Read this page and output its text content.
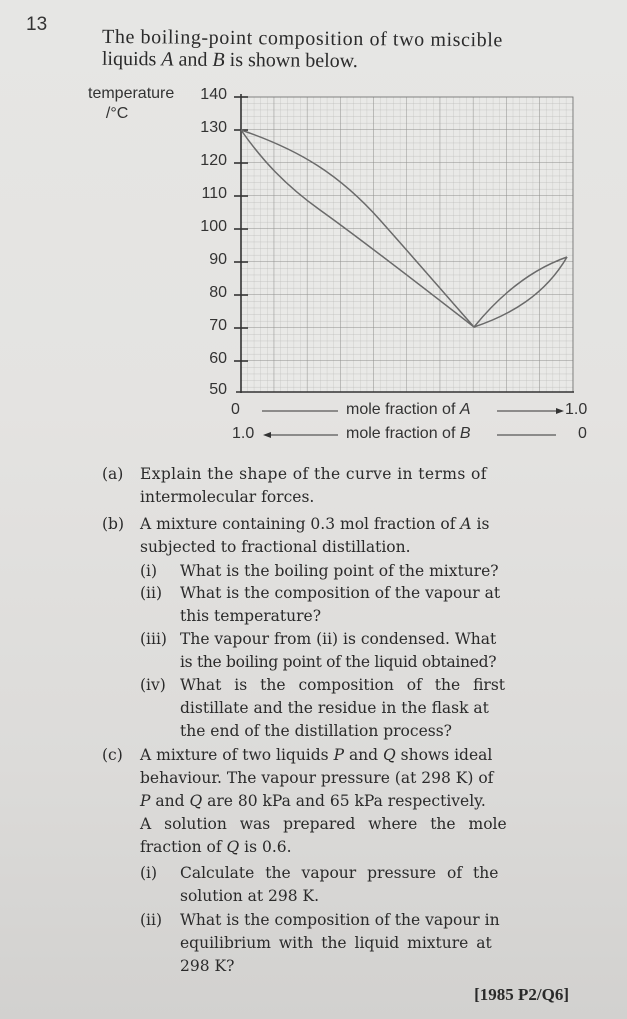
13
The boiling-point composition of two miscible
liquids A and B is shown below.
temperature
/°C
140
130
120
110
100
90
80
70
60
50
0	mole fraction of A	1.0
1.0	mole fraction of B	0
(a) Explain the shape of the curve in terms of
intermolecular forces.
(b) A mixture containing 0.3 mol fraction of A is
subjected to fractional distillation.
(i) What is the boiling point of the mixture?
(ii) What is the composition of the vapour at
this temperature?
(iii) The vapour from (ii) is condensed. What
is the boiling point of the liquid obtained?
(iv) What is the composition of the first
distillate and the residue in the flask at
the end of the distillation process?
(c) A mixture of two liquids P and Q shows ideal
behaviour. The vapour pressure (at 298 K) of
P and Q are 80 kPa and 65 kPa respectively.
A solution was prepared where the mole
fraction of Q is 0.6.
(i) Calculate the vapour pressure of the
solution at 298 K.
(ii) What is the composition of the vapour in
equilibrium with the liquid mixture at
298 K?
[1985 P2/Q6]
